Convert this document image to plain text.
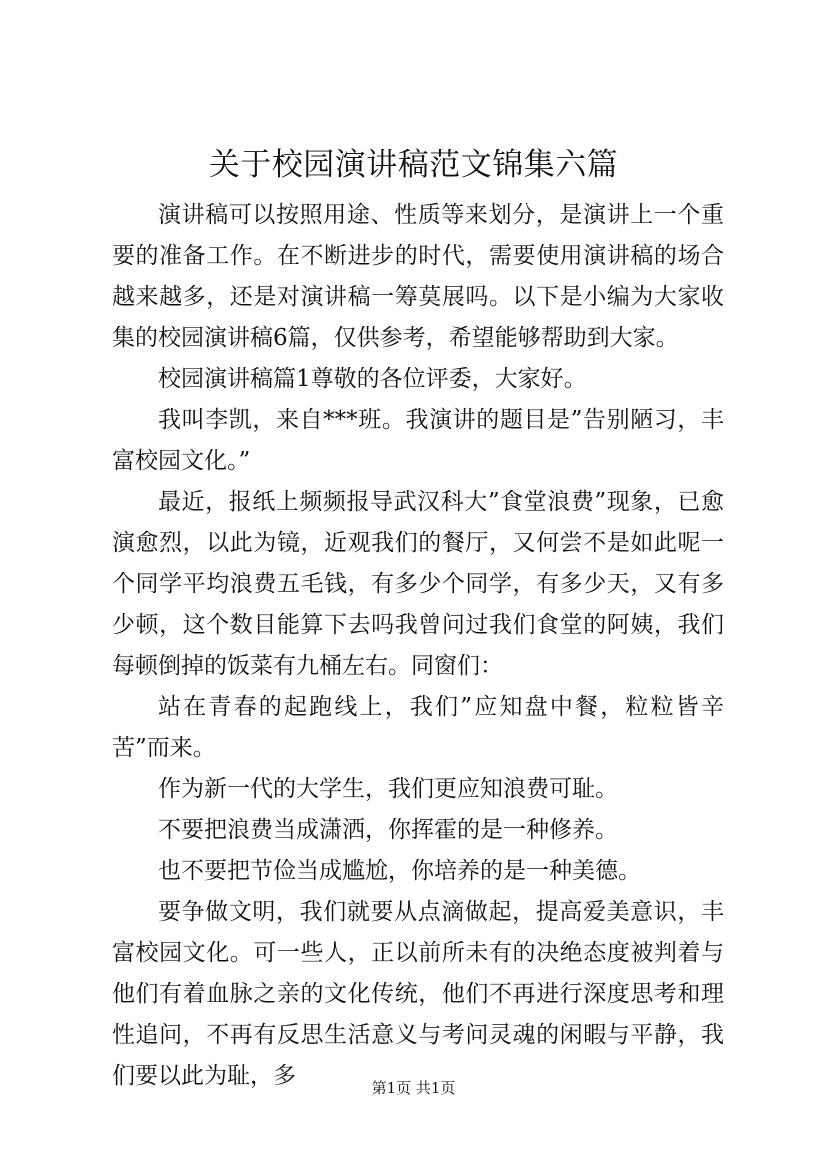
关于校园演讲稿范文锦集六篇

演讲稿可以按照用途、性质等来划分，是演讲上一个重要的准备工作。在不断进步的时代，需要使用演讲稿的场合越来越多，还是对演讲稿一筹莫展吗。以下是小编为大家收集的校园演讲稿6篇，仅供参考，希望能够帮助到大家。

校园演讲稿篇1尊敬的各位评委，大家好。

我叫李凯，来自***班。我演讲的题目是”告别陋习，丰富校园文化。”

最近，报纸上频频报导武汉科大”食堂浪费”现象，已愈演愈烈，以此为镜，近观我们的餐厅，又何尝不是如此呢一个同学平均浪费五毛钱，有多少个同学，有多少天，又有多少顿，这个数目能算下去吗我曾问过我们食堂的阿姨，我们每顿倒掉的饭菜有九桶左右。同窗们：

站在青春的起跑线上，我们”应知盘中餐，粒粒皆辛苦”而来。

作为新一代的大学生，我们更应知浪费可耻。

不要把浪费当成潇洒，你挥霍的是一种修养。

也不要把节俭当成尴尬，你培养的是一种美德。

要争做文明，我们就要从点滴做起，提高爱美意识，丰富校园文化。可一些人，正以前所未有的决绝态度被判着与他们有着血脉之亲的文化传统，他们不再进行深度思考和理性追问，不再有反思生活意义与考问灵魂的闲暇与平静，我们要以此为耻，多	第1页 共1页
